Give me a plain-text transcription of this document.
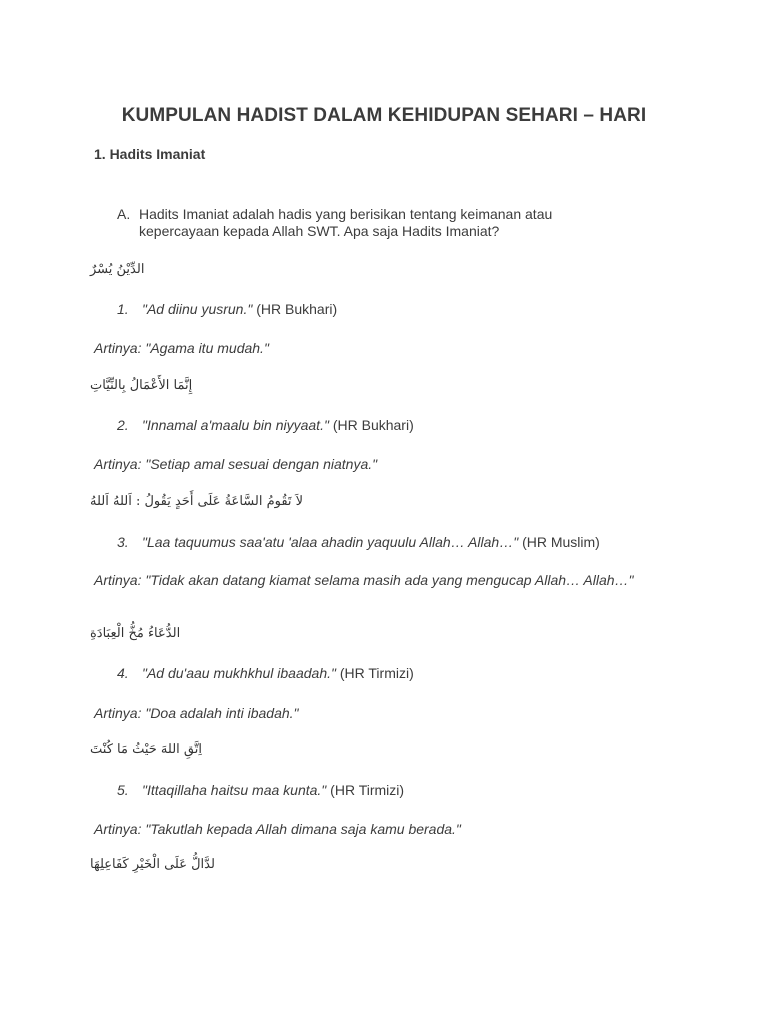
KUMPULAN HADIST DALAM KEHIDUPAN SEHARI – HARI
1. Hadits Imaniat
A. Hadits Imaniat adalah hadis yang berisikan tentang keimanan atau kepercayaan kepada Allah SWT. Apa saja Hadits Imaniat?
الدِّيْنُ يُسْرٌ
1. "Ad diinu yusrun." (HR Bukhari)
Artinya: "Agama itu mudah."
إِنَّمَا الأَعْمَالُ بِالنِّيَّاتِ
2. "Innamal a'maalu bin niyyaat." (HR Bukhari)
Artinya: "Setiap amal sesuai dengan niatnya."
لاَ تَقُومُ السَّاعَةُ عَلَى أَحَدٍ يَقُولُ : اَللهُ اَللهُ
3. "Laa taquumus saa'atu 'alaa ahadin yaquulu Allah… Allah…" (HR Muslim)
Artinya: "Tidak akan datang kiamat selama masih ada yang mengucap Allah… Allah…"
الدُّعَاءُ مُخُّ الْعِبَادَةِ
4. "Ad du'aau mukhkhul ibaadah." (HR Tirmizi)
Artinya: "Doa adalah inti ibadah."
اِتَّقِ اللهَ حَيْثُ مَا كُنْتَ
5. "Ittaqillaha haitsu maa kunta." (HR Tirmizi)
Artinya: "Takutlah kepada Allah dimana saja kamu berada."
لدَّالُّ عَلَى الْخَيْرِ كَفَاعِلِهَا
